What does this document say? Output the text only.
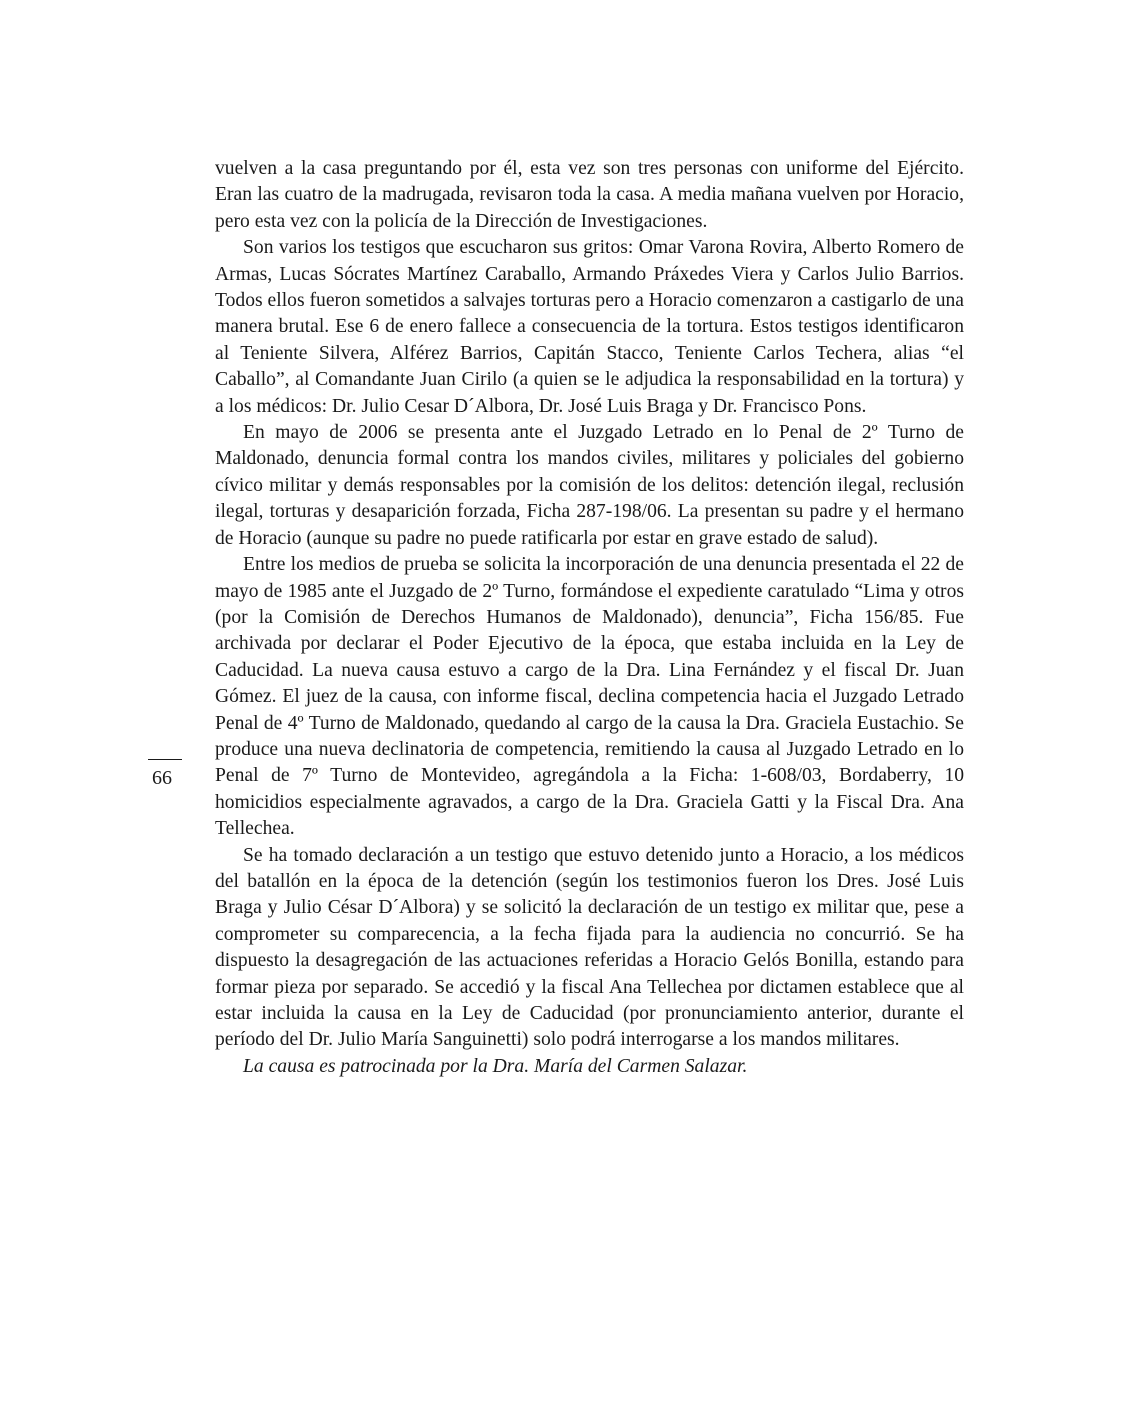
vuelven a la casa preguntando por él, esta vez son tres personas con uniforme del Ejército. Eran las cuatro de la madrugada, revisaron toda la casa. A media mañana vuelven por Horacio, pero esta vez con la policía de la Dirección de Investigaciones.

Son varios los testigos que escucharon sus gritos: Omar Varona Rovira, Alberto Romero de Armas, Lucas Sócrates Martínez Caraballo, Armando Práxedes Viera y Carlos Julio Barrios. Todos ellos fueron sometidos a salvajes torturas pero a Horacio comenzaron a castigarlo de una manera brutal. Ese 6 de enero fallece a consecuencia de la tortura. Estos testigos identificaron al Teniente Silvera, Alférez Barrios, Capitán Stacco, Teniente Carlos Techera, alias “el Caballo”, al Comandante Juan Cirilo (a quien se le adjudica la responsabilidad en la tortura) y a los médicos: Dr. Julio Cesar D´Albora, Dr. José Luis Braga y Dr. Francisco Pons.

En mayo de 2006 se presenta ante el Juzgado Letrado en lo Penal de 2º Turno de Maldonado, denuncia formal contra los mandos civiles, militares y policiales del gobierno cívico militar y demás responsables por la comisión de los delitos: detención ilegal, reclusión ilegal, torturas y desaparición forzada, Ficha 287-198/06. La presentan su padre y el hermano de Horacio (aunque su padre no puede ratificarla por estar en grave estado de salud).

Entre los medios de prueba se solicita la incorporación de una denuncia presentada el 22 de mayo de 1985 ante el Juzgado de 2º Turno, formándose el expediente caratulado “Lima y otros (por la Comisión de Derechos Humanos de Maldonado), denuncia”, Ficha 156/85. Fue archivada por declarar el Poder Ejecutivo de la época, que estaba incluida en la Ley de Caducidad. La nueva causa estuvo a cargo de la Dra. Lina Fernández y el fiscal Dr. Juan Gómez. El juez de la causa, con informe fiscal, declina competencia hacia el Juzgado Letrado Penal de 4º Turno de Maldonado, quedando al cargo de la causa la Dra. Graciela Eustachio. Se produce una nueva declinatoria de competencia, remitiendo la causa al Juzgado Letrado en lo Penal de 7º Turno de Montevideo, agregándola a la Ficha: 1-608/03, Bordaberry, 10 homicidios especialmente agravados, a cargo de la Dra. Graciela Gatti y la Fiscal Dra. Ana Tellechea.

Se ha tomado declaración a un testigo que estuvo detenido junto a Horacio, a los médicos del batallón en la época de la detención (según los testimonios fueron los Dres. José Luis Braga y Julio César D´Albora) y se solicitó la declaración de un testigo ex militar que, pese a comprometer su comparecencia, a la fecha fijada para la audiencia no concurrió. Se ha dispuesto la desagregación de las actuaciones referidas a Horacio Gelós Bonilla, estando para formar pieza por separado. Se accedió y la fiscal Ana Tellechea por dictamen establece que al estar incluida la causa en la Ley de Caducidad (por pronunciamiento anterior, durante el período del Dr. Julio María Sanguinetti) solo podrá interrogarse a los mandos militares.

La causa es patrocinada por la Dra. María del Carmen Salazar.

66
